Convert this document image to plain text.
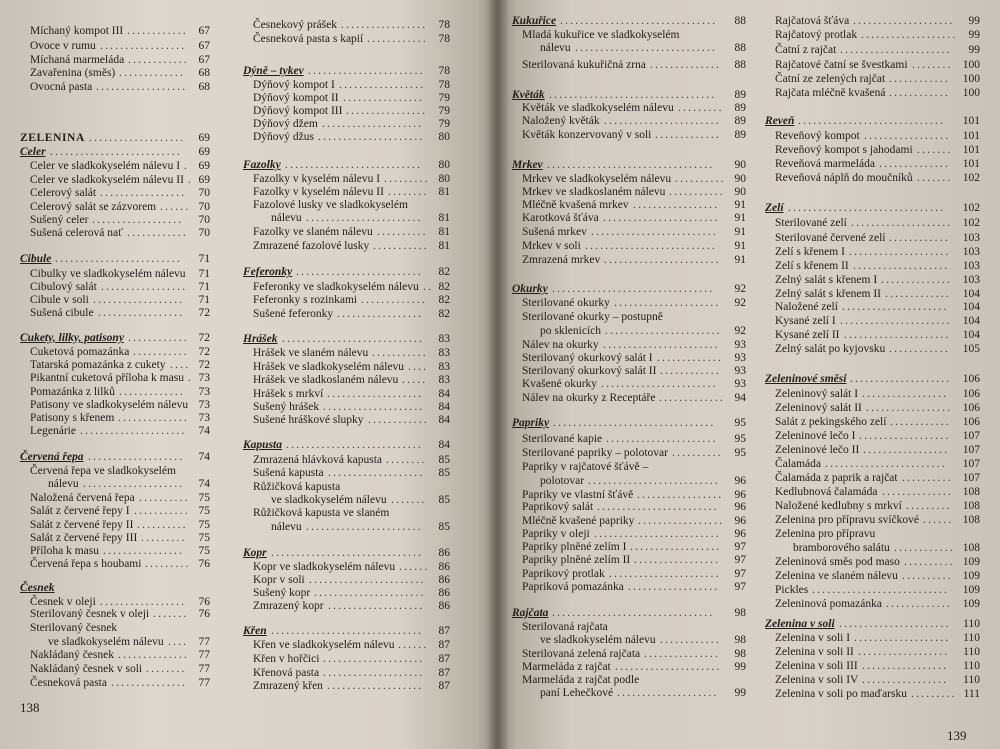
Míchaný kompot III	67
............
Ovoce v rumu	67
.................
Míchaná marmeláda	67
............
Zavařenina (směs)	68
.............
Ovocná pasta	68
..................
ZELENINA	69
...................
Celer	69
..........................
Celer ve sladkokyselém nálevu I 69
.
Celer ve sladkokyselém nálevu II 69
.
Celerový salát	70
.................
Celerový salát se zázvorem	70
......
Sušený celer	70
..................
Sušená celerová nať	70
............
Cibule	71
.........................
Cibulky ve sladkokyselém nálevu 71
Cibulový salát	71
.................
Cibule v soli	71
..................
Sušená cibule	72
.................
Cukety, lilky, patisony	72
............
Cuketová pomazánka	72
...........
Tatarská pomazánka z cukety	72
....
Pikantní cuketová příloha k masu 73
.
Pomazánka z lilků	73
.............
Patisony ve sladkokyselém nálevu 73
Patisony s křenem	73
..............
Legenárie	74
.....................
Červená řepa	74
...................
Červená řepa ve sladkokyselém
nálevu	74
....................
Naložená červená řepa	75
..........
Salát z červené řepy I	75
...........
Salát z červené řepy II	75
..........
Salát z červené řepy III	75
.........
Příloha k masu	75
................
Červená řepa s houbami	76
.........
Česnek
Česnek v oleji	76
.................
Sterilovaný česnek v oleji	76
.......
Sterilovaný česnek
ve sladkokyselém nálevu	77
....
Nakládaný česnek	77
..............
Nakládaný česnek v soli	77
........
Česneková pasta	77
...............
Česnekový prášek	78
.................
Česneková pasta s kapií	78
............
Dýně – tykev	78
.......................
Dýňový kompot I	78
.................
Dýňový kompot II	79
................
Dýňový kompot III	79
................
Dýňový džem	79
....................
Dýňový džus	80
.....................
Fazolky	80
...........................
Fazolky v kyselém nálevu I	80
.........
Fazolky v kyselém nálevu II	81
........
Fazolové lusky ve sladkokyselém
nálevu	81
.......................
Fazolky ve slaném nálevu	81
..........
Zmrazené fazolové lusky	81
...........
Feferonky	82
.........................
Feferonky ve sladkokyselém nálevu 82
..
Feferonky s rozinkami	82
.............
Sušené feferonky	82
.................
Hrášek	83
............................
Hrášek ve slaném nálevu	83
...........
Hrášek ve sladkokyselém nálevu	83
....
Hrášek ve sladkoslaném nálevu	83
.....
Hrášek s mrkví	84
...................
Sušený hrášek	84
....................
Sušené hráškové slupky	84
............
Kapusta	84
...........................
Zmrazená hlávková kapusta	85
........
Sušená kapusta	85
...................
Růžičková kapusta
ve sladkokyselém nálevu	85
.......
Růžičková kapusta ve slaném
nálevu	85
.......................
Kopr	86
..............................
Kopr ve sladkokyselém nálevu	86
......
Kopr v soli	86
.......................
Sušený kopr	86
......................
Zmrazený kopr	86
...................
Křen	87
..............................
Křen ve sladkokyselém nálevu	87
......
Křen v hořčici	87
....................
Křenová pasta	87
....................
Zmrazený křen	87
...................
138
Kukuřice	88
...............................
Mladá kukuřice ve sladkokyselém
nálevu	88
............................
Sterilovaná kukuřičná zrna	88
..............
Květák	89
.................................
Květák ve sladkokyselém nálevu	89
.........
Naložený květák	89
.......................
Květák konzervovaný v soli	89
.............
Mrkev	90
.................................
Mrkev ve sladkokyselém nálevu	90
..........
Mrkev ve sladkoslaném nálevu	90
...........
Mléčně kvašená mrkev	91
.................
Karotková šťáva	91
.......................
Sušená mrkev	91
.........................
Mrkev v soli	91
..........................
Zmrazená mrkev	91
.......................
Okurky	92
................................
Sterilované okurky	92
.....................
Sterilované okurky – postupně
po sklenicích	92
.......................
Nálev na okurky	93
.......................
Sterilovaný okurkový salát I	93
.............
Sterilovaný okurkový salát II	93
............
Kvašené okurky	93
.......................
Nálev na okurky z Receptáře	94
.............
Papriky	95
................................
Sterilované kapie	95
......................
Sterilované papriky – polotovar	95
..........
Papriky v rajčatové šťávě –
polotovar	96
..........................
Papriky ve vlastní šťávě	96
.................
Paprikový salát	96
........................
Mléčně kvašené papriky	96
.................
Papriky v oleji	96
.........................
Papriky plněné zelím I	97
..................
Papriky plněné zelím II	97
.................
Paprikový protlak	97
......................
Papriková pomazánka	97
..................
Rajčata	98
................................
Sterilovaná rajčata
ve sladkokyselém nálevu	98
............
Sterilovaná zelená rajčata	98
...............
Marmeláda z rajčat	99
.....................
Marmeláda z rajčat podle
paní Lehečkové	99
....................
Rajčatová šťáva	99
....................
Rajčatový protlak	99
...................
Čatní z rajčat	99
......................
Rajčatové čatní se švestkami	100
........
Čatní ze zelených rajčat	100
............
Rajčata mléčně kvašená	100
............
Reveň	101
.............................
Reveňový kompot	101
.................
Reveňový kompot s jahodami	101
.......
Reveňová marmeláda	101
..............
Reveňová náplň do moučníků	102
.......
Zelí	102
...............................
Sterilované zelí	102
....................
Sterilované červené zelí	103
............
Zelí s křenem I	103
....................
Zelí s křenem II	103
...................
Zelný salát s křenem I	103
..............
Zelný salát s křenem II	104
.............
Naložené zelí	104
.....................
Kysané zelí I	104
......................
Kysané zelí II	104
.....................
Zelný salát po kyjovsku	105
............
Zeleninové směsi	106
....................
Zeleninový salát I	106
.................
Zeleninový salát II	106
.................
Salát z pekingského zelí	106
............
Zeleninové lečo I	107
..................
Zeleninové lečo II	107
.................
Čalamáda	107
........................
Čalamáda z paprik a rajčat	107
..........
Kedlubnová čalamáda	108
..............
Naložené kedlubny s mrkví	108
.........
Zelenina pro přípravu svíčkové	108
......
Zelenina pro přípravu
bramborového salátu	108
............
Zeleninová směs pod maso	109
..........
Zelenina ve slaném nálevu	109
..........
Pickles	109
...........................
Zeleninová pomazánka	109
.............
Zelenina v soli	110
......................
Zelenina v soli I	110
...................
Zelenina v soli II	110
..................
Zelenina v soli III	110
.................
Zelenina v soli IV	110
.................
Zelenina v soli po maďarsku	111
.........
139
